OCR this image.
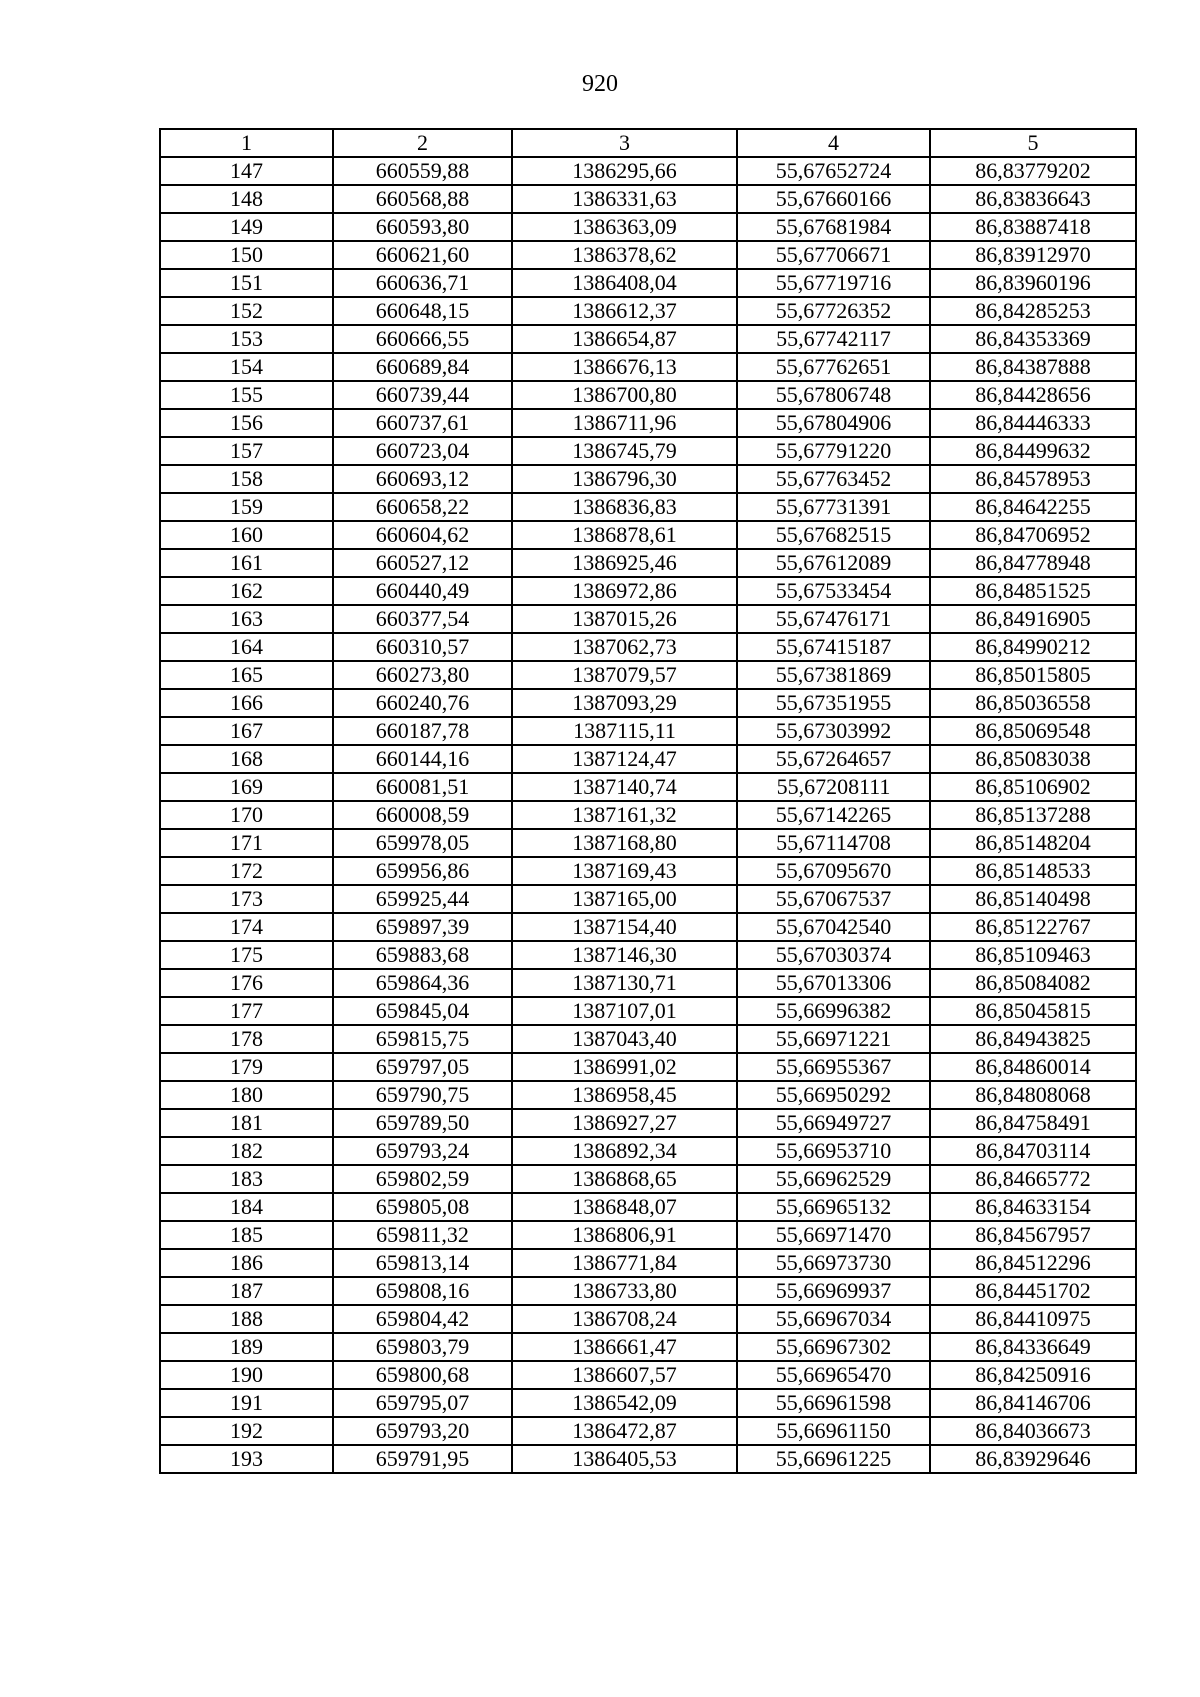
920
1	2	3	4	5
147	660559,88	1386295,66	55,67652724	86,83779202
148	660568,88	1386331,63	55,67660166	86,83836643
149	660593,80	1386363,09	55,67681984	86,83887418
150	660621,60	1386378,62	55,67706671	86,83912970
151	660636,71	1386408,04	55,67719716	86,83960196
152	660648,15	1386612,37	55,67726352	86,84285253
153	660666,55	1386654,87	55,67742117	86,84353369
154	660689,84	1386676,13	55,67762651	86,84387888
155	660739,44	1386700,80	55,67806748	86,84428656
156	660737,61	1386711,96	55,67804906	86,84446333
157	660723,04	1386745,79	55,67791220	86,84499632
158	660693,12	1386796,30	55,67763452	86,84578953
159	660658,22	1386836,83	55,67731391	86,84642255
160	660604,62	1386878,61	55,67682515	86,84706952
161	660527,12	1386925,46	55,67612089	86,84778948
162	660440,49	1386972,86	55,67533454	86,84851525
163	660377,54	1387015,26	55,67476171	86,84916905
164	660310,57	1387062,73	55,67415187	86,84990212
165	660273,80	1387079,57	55,67381869	86,85015805
166	660240,76	1387093,29	55,67351955	86,85036558
167	660187,78	1387115,11	55,67303992	86,85069548
168	660144,16	1387124,47	55,67264657	86,85083038
169	660081,51	1387140,74	55,67208111	86,85106902
170	660008,59	1387161,32	55,67142265	86,85137288
171	659978,05	1387168,80	55,67114708	86,85148204
172	659956,86	1387169,43	55,67095670	86,85148533
173	659925,44	1387165,00	55,67067537	86,85140498
174	659897,39	1387154,40	55,67042540	86,85122767
175	659883,68	1387146,30	55,67030374	86,85109463
176	659864,36	1387130,71	55,67013306	86,85084082
177	659845,04	1387107,01	55,66996382	86,85045815
178	659815,75	1387043,40	55,66971221	86,84943825
179	659797,05	1386991,02	55,66955367	86,84860014
180	659790,75	1386958,45	55,66950292	86,84808068
181	659789,50	1386927,27	55,66949727	86,84758491
182	659793,24	1386892,34	55,66953710	86,84703114
183	659802,59	1386868,65	55,66962529	86,84665772
184	659805,08	1386848,07	55,66965132	86,84633154
185	659811,32	1386806,91	55,66971470	86,84567957
186	659813,14	1386771,84	55,66973730	86,84512296
187	659808,16	1386733,80	55,66969937	86,84451702
188	659804,42	1386708,24	55,66967034	86,84410975
189	659803,79	1386661,47	55,66967302	86,84336649
190	659800,68	1386607,57	55,66965470	86,84250916
191	659795,07	1386542,09	55,66961598	86,84146706
192	659793,20	1386472,87	55,66961150	86,84036673
193	659791,95	1386405,53	55,66961225	86,83929646
